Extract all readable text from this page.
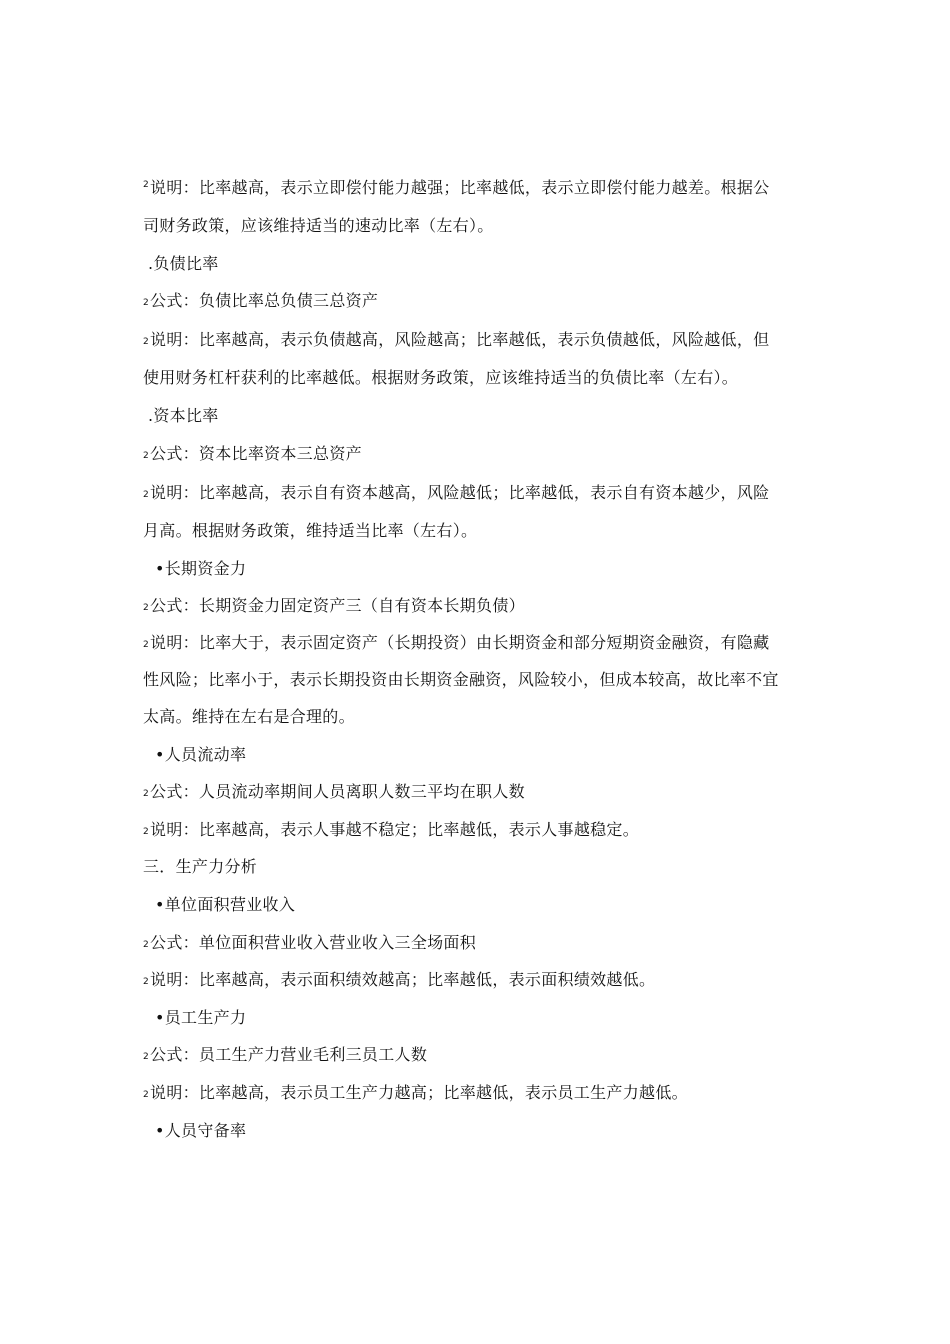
2说明：比率越高，表示立即偿付能力越强；比率越低，表示立即偿付能力越差。根据公
司财务政策，应该维持适当的速动比率（左右）。
.负债比率
2公式：负债比率总负债三总资产
2说明：比率越高，表示负债越高，风险越高；比率越低，表示负债越低，风险越低，但
使用财务杠杆获利的比率越低。根据财务政策，应该维持适当的负债比率（左右）。
.资本比率
2公式：资本比率资本三总资产
2说明：比率越高，表示自有资本越高，风险越低；比率越低，表示自有资本越少，风险
月高。根据财务政策，维持适当比率（左右）。
•长期资金力
2公式：长期资金力固定资产三（自有资本长期负债）
2说明：比率大于，表示固定资产（长期投资）由长期资金和部分短期资金融资，有隐藏
性风险；比率小于，表示长期投资由长期资金融资，风险较小，但成本较高，故比率不宜
太高。维持在左右是合理的。
•人员流动率
2公式：人员流动率期间人员离职人数三平均在职人数
2说明：比率越高，表示人事越不稳定；比率越低，表示人事越稳定。
三．生产力分析
•单位面积营业收入
2公式：单位面积营业收入营业收入三全场面积
2说明：比率越高，表示面积绩效越高；比率越低，表示面积绩效越低。
•员工生产力
2公式：员工生产力营业毛利三员工人数
2说明：比率越高，表示员工生产力越高；比率越低，表示员工生产力越低。
•人员守备率
